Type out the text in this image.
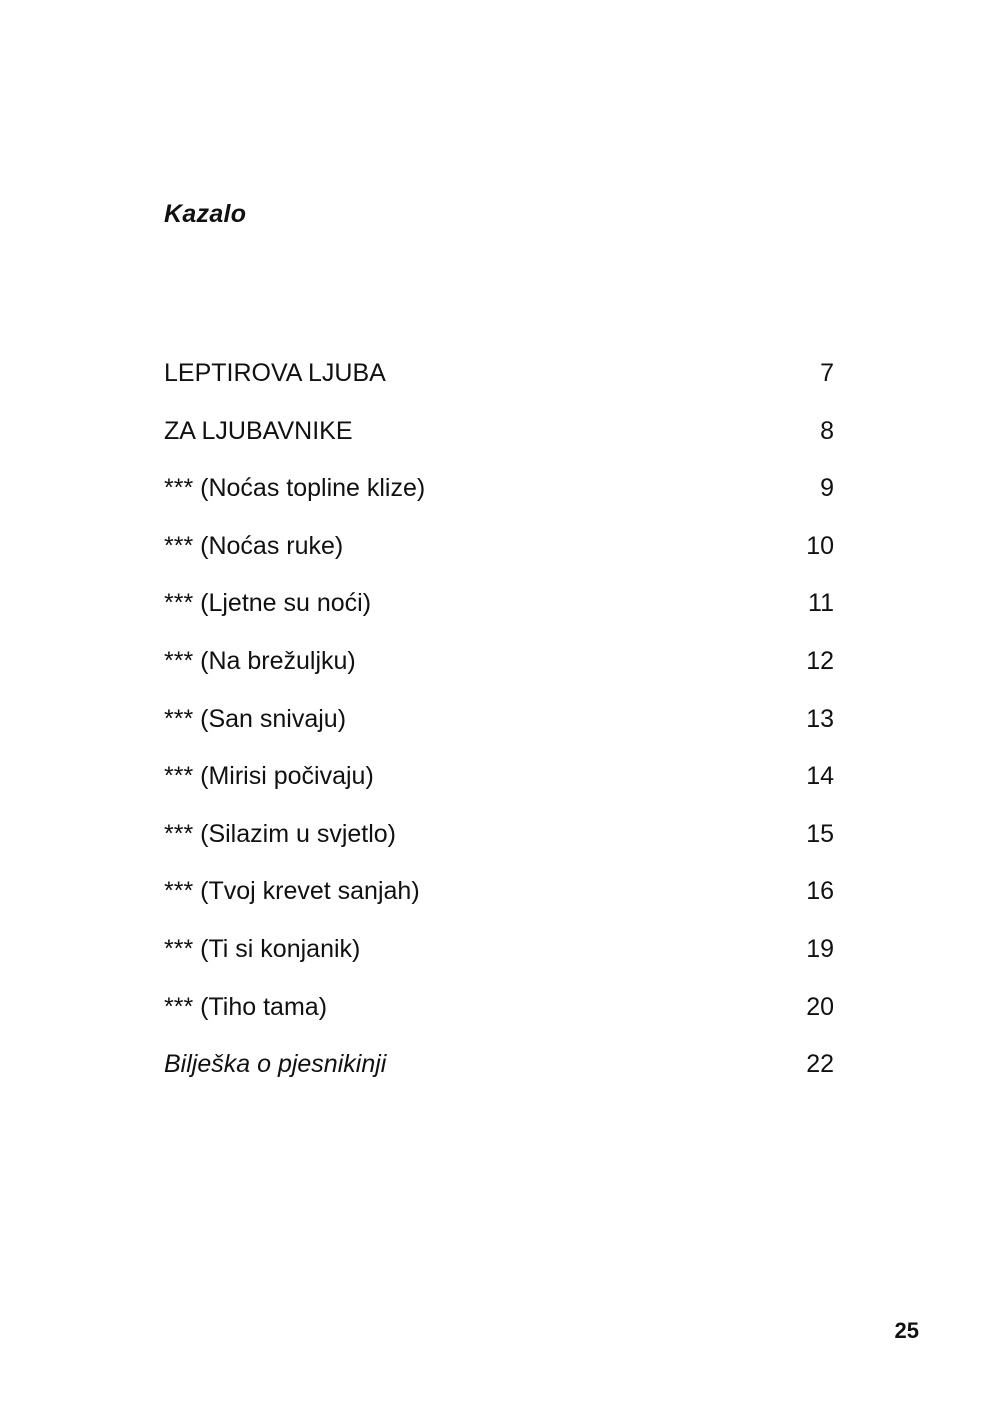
Kazalo
LEPTIROVA LJUBA	7
ZA LJUBAVNIKE	8
*** (Noćas topline klize)	9
*** (Noćas ruke)	10
*** (Ljetne su noći)	11
*** (Na brežuljku)	12
*** (San snivaju)	13
*** (Mirisi počivaju)	14
*** (Silazim u svjetlo)	15
*** (Tvoj krevet sanjah)	16
*** (Ti si konjanik)	19
*** (Tiho tama)	20
Bilješka o pjesnikinji	22
25
